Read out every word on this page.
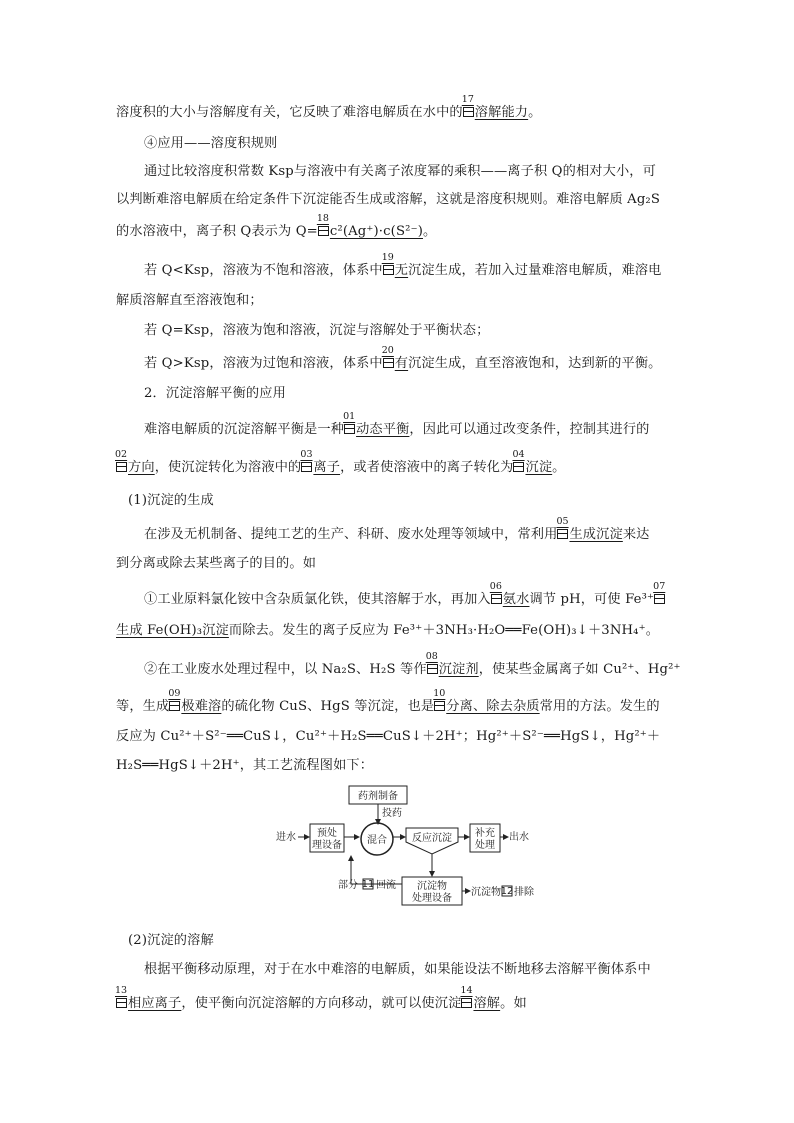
溶度积的大小与溶解度有关，它反映了难溶电解质在水中的
17
溶解能力。
④应用——溶度积规则
通过比较溶度积常数 Ksp与溶液中有关离子浓度幂的乘积——离子积 Q的相对大小，可
以判断难溶电解质在给定条件下沉淀能否生成或溶解，这就是溶度积规则。难溶电解质 Ag₂S
的水溶液中，离子积 Q表示为 Q=
18
c²(Ag⁺)·c(S²⁻)。
若 Q<Ksp，溶液为不饱和溶液，体系中
19
无沉淀生成，若加入过量难溶电解质，难溶电
解质溶解直至溶液饱和；
若 Q=Ksp，溶液为饱和溶液，沉淀与溶解处于平衡状态；
若 Q>Ksp，溶液为过饱和溶液，体系中
20
有沉淀生成，直至溶液饱和，达到新的平衡。
2．沉淀溶解平衡的应用
难溶电解质的沉淀溶解平衡是一种
01
动态平衡，因此可以通过改变条件，控制其进行的
02
方向，使沉淀转化为溶液中的
03
离子，或者使溶液中的离子转化为
04
沉淀。
(1)沉淀的生成
在涉及无机制备、提纯工艺的生产、科研、废水处理等领域中，常利用
05
生成沉淀来达
到分离或除去某些离子的目的。如
①工业原料氯化铵中含杂质氯化铁，使其溶解于水，再加入
06
氨水调节 pH，可使 Fe³⁺
07
生成 Fe(OH)₃沉淀而除去。发生的离子反应为 Fe³⁺＋3NH₃·H₂O══Fe(OH)₃↓＋3NH₄⁺。
②在工业废水处理过程中，以 Na₂S、H₂S 等作
08
沉淀剂，使某些金属离子如 Cu²⁺、Hg²⁺
等，生成
09
极难溶的硫化物 CuS、HgS 等沉淀，也是
10
分离、除去杂质常用的方法。发生的
反应为 Cu²⁺＋S²⁻══CuS↓，Cu²⁺＋H₂S══CuS↓＋2H⁺；Hg²⁺＋S²⁻══HgS↓，Hg²⁺＋
H₂S══HgS↓＋2H⁺，其工艺流程图如下：
药剂制备
投药
进水 预处
理设备	混合	反应沉淀 补充
处理
出水
沉淀物
处理设备
部分 11 回流
沉淀物 12 排除
(2)沉淀的溶解
根据平衡移动原理，对于在水中难溶的电解质，如果能设法不断地移去溶解平衡体系中
13
相应离子，使平衡向沉淀溶解的方向移动，就可以使沉淀
14
溶解。如
